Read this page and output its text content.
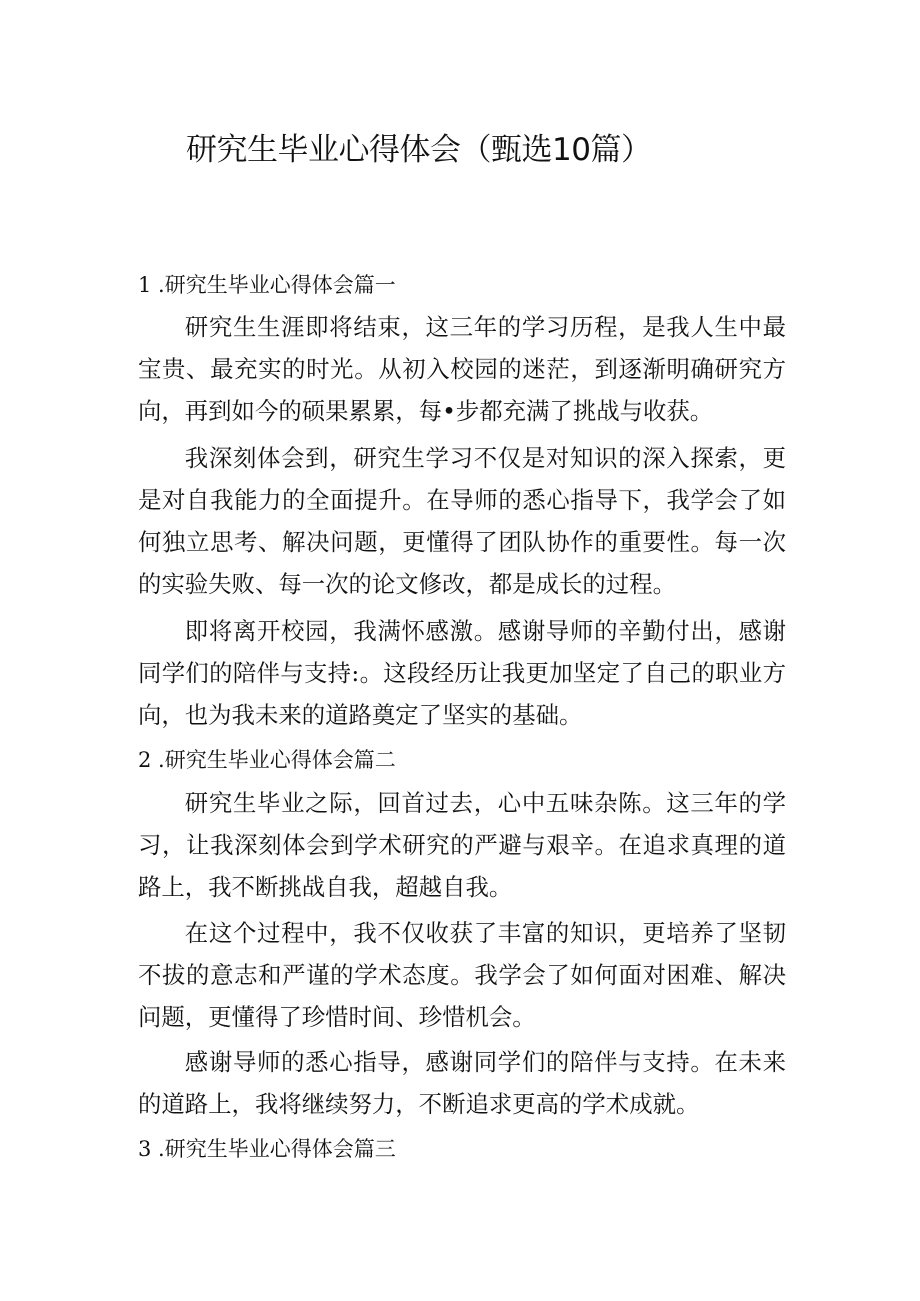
研究生毕业心得体会（甄选10篇）
1 .研究生毕业心得体会篇一
研究生生涯即将结束，这三年的学习历程，是我人生中最宝贵、最充实的时光。从初入校园的迷茫，到逐渐明确研究方向，再到如今的硕果累累，每•步都充满了挑战与收获。
我深刻体会到，研究生学习不仅是对知识的深入探索，更是对自我能力的全面提升。在导师的悉心指导下，我学会了如何独立思考、解决问题，更懂得了团队协作的重要性。每一次的实验失败、每一次的论文修改，都是成长的过程。
即将离开校园，我满怀感激。感谢导师的辛勤付出，感谢同学们的陪伴与支持:。这段经历让我更加坚定了自己的职业方向，也为我未来的道路奠定了坚实的基础。
2 .研究生毕业心得体会篇二
研究生毕业之际，回首过去，心中五味杂陈。这三年的学习，让我深刻体会到学术研究的严避与艰辛。在追求真理的道路上，我不断挑战自我，超越自我。
在这个过程中，我不仅收获了丰富的知识，更培养了坚韧不拔的意志和严谨的学术态度。我学会了如何面对困难、解决问题，更懂得了珍惜时间、珍惜机会。
感谢导师的悉心指导，感谢同学们的陪伴与支持。在未来的道路上，我将继续努力，不断追求更高的学术成就。
3 .研究生毕业心得体会篇三
